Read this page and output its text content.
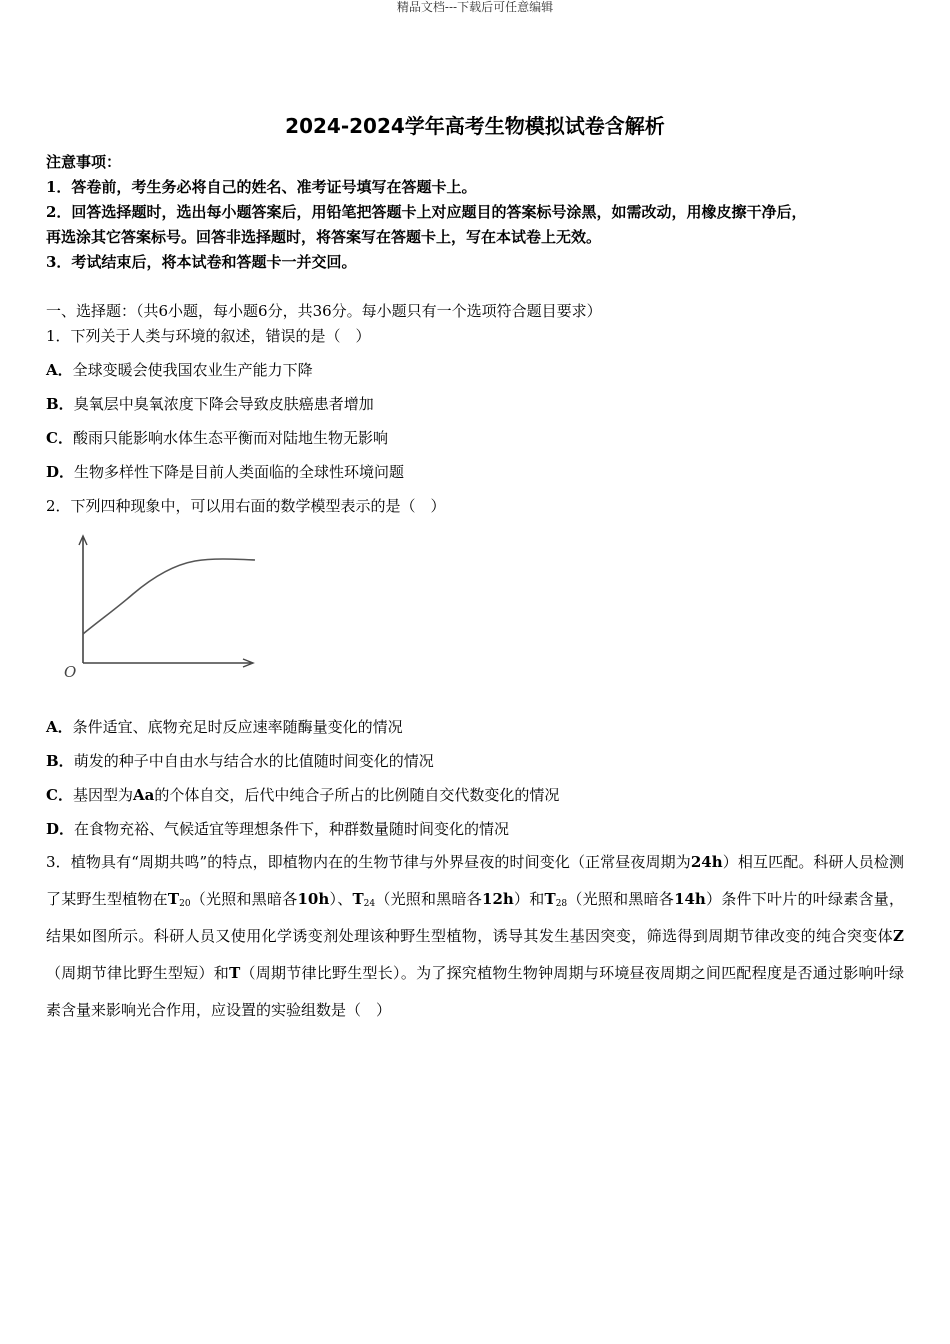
精品文档---下载后可任意编辑
2024-2024学年高考生物模拟试卷含解析
注意事项：
1．答卷前，考生务必将自己的姓名、准考证号填写在答题卡上。
2．回答选择题时，选出每小题答案后，用铅笔把答题卡上对应题目的答案标号涂黑，如需改动，用橡皮擦干净后，
再选涂其它答案标号。回答非选择题时，将答案写在答题卡上，写在本试卷上无效。
3．考试结束后，将本试卷和答题卡一并交回。
一、选择题：（共6小题，每小题6分，共36分。每小题只有一个选项符合题目要求）
1．下列关于人类与环境的叙述，错误的是（　）
A．全球变暖会使我国农业生产能力下降
B．臭氧层中臭氧浓度下降会导致皮肤癌患者增加
C．酸雨只能影响水体生态平衡而对陆地生物无影响
D．生物多样性下降是目前人类面临的全球性环境问题
2．下列四种现象中，可以用右面的数学模型表示的是（　）
O
A．条件适宜、底物充足时反应速率随酶量变化的情况
B．萌发的种子中自由水与结合水的比值随时间变化的情况
C．基因型为Aa的个体自交，后代中纯合子所占的比例随自交代数变化的情况
D．在食物充裕、气候适宜等理想条件下，种群数量随时间变化的情况
3．植物具有“周期共鸣”的特点，即植物内在的生物节律与外界昼夜的时间变化（正常昼夜周期为24h）相互匹配。科研人员检测了某野生型植物在$T_{20}$（光照和黑暗各10h）、$T_{24}$（光照和黑暗各12h）和$T_{28}$（光照和黑暗各14h）条件下叶片的叶绿素含量，结果如图所示。科研人员又使用化学诱变剂处理该种野生型植物，诱导其发生基因突变，筛选得到周期节律改变的纯合突变体Z（周期节律比野生型短）和T（周期节律比野生型长）。为了探究植物生物钟周期与环境昼夜周期之间匹配程度是否通过影响叶绿素含量来影响光合作用，应设置的实验组数是（　）
